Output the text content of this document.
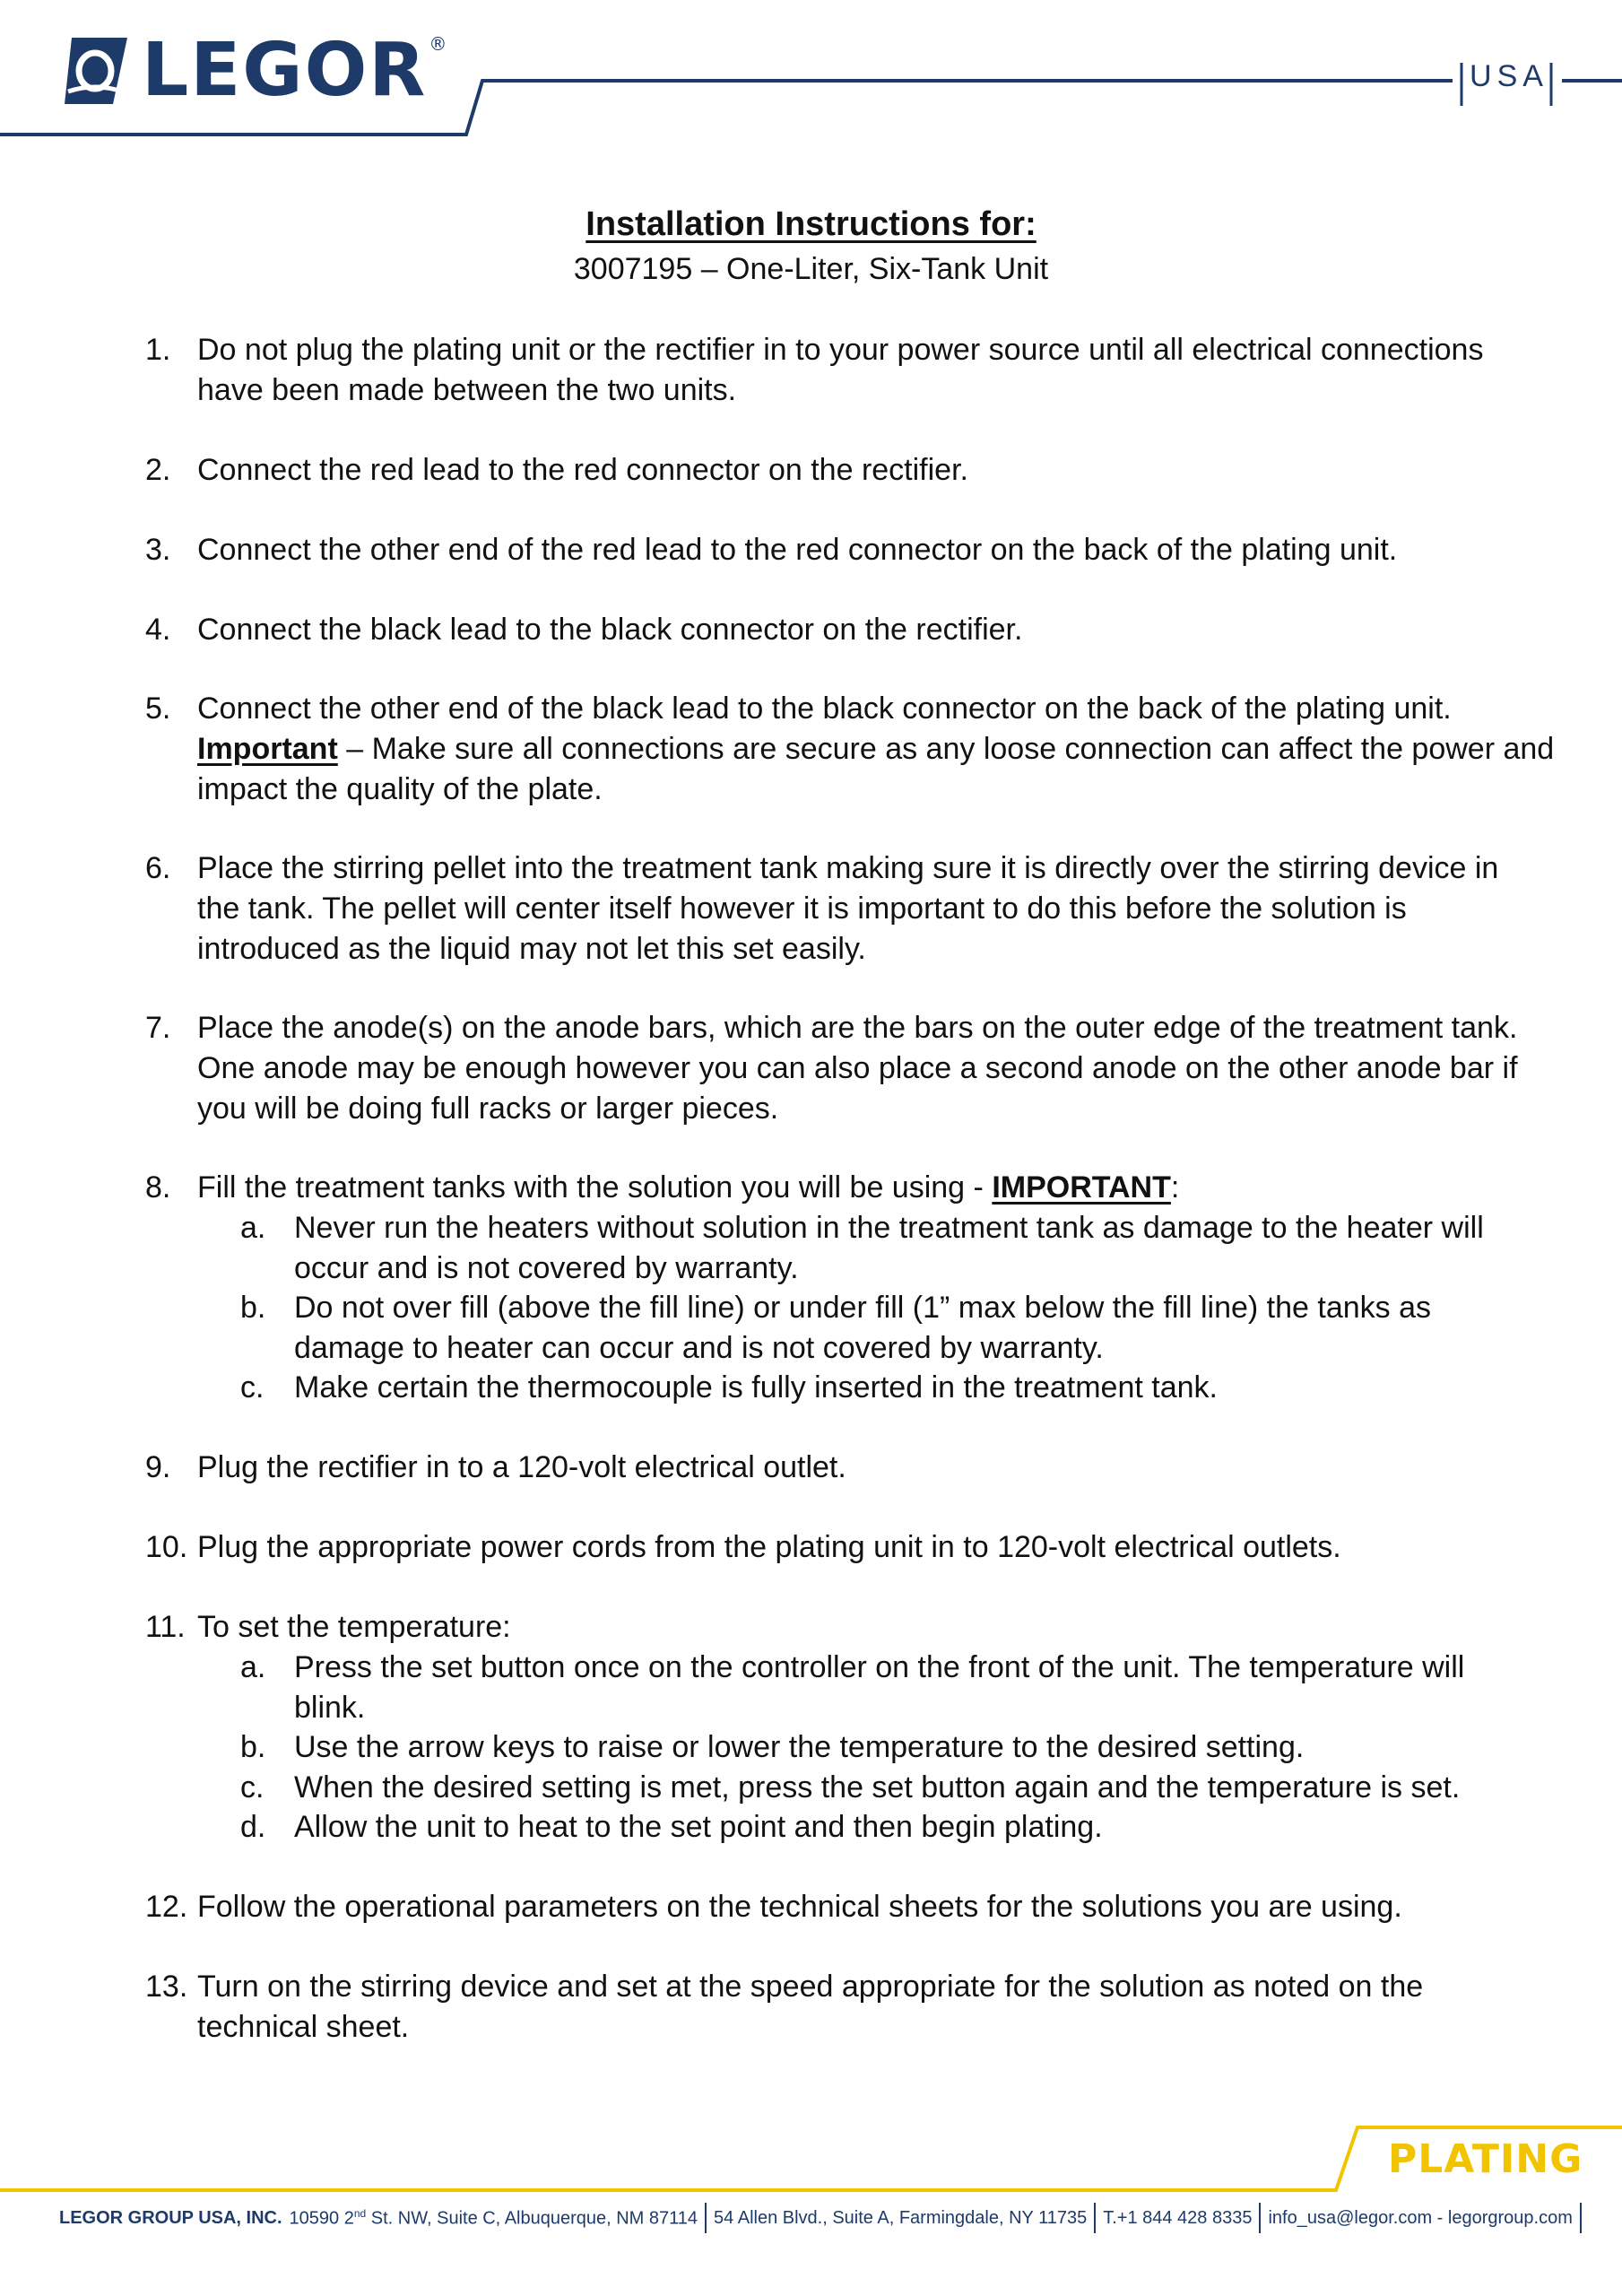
LEGOR ®
USA
Installation Instructions for:
3007195 – One-Liter, Six-Tank Unit
1. Do not plug the plating unit or the rectifier in to your power source until all electrical connections
have been made between the two units.
2. Connect the red lead to the red connector on the rectifier.
3. Connect the other end of the red lead to the red connector on the back of the plating unit.
4. Connect the black lead to the black connector on the rectifier.
5. Connect the other end of the black lead to the black connector on the back of the plating unit.
Important – Make sure all connections are secure as any loose connection can affect the power and
impact the quality of the plate.
6. Place the stirring pellet into the treatment tank making sure it is directly over the stirring device in
the tank. The pellet will center itself however it is important to do this before the solution is
introduced as the liquid may not let this set easily.
7. Place the anode(s) on the anode bars, which are the bars on the outer edge of the treatment tank.
One anode may be enough however you can also place a second anode on the other anode bar if
you will be doing full racks or larger pieces.
8. Fill the treatment tanks with the solution you will be using - IMPORTANT:
a. Never run the heaters without solution in the treatment tank as damage to the heater will
occur and is not covered by warranty.
b. Do not over fill (above the fill line) or under fill (1” max below the fill line) the tanks as
damage to heater can occur and is not covered by warranty.
c. Make certain the thermocouple is fully inserted in the treatment tank.
9. Plug the rectifier in to a 120-volt electrical outlet.
10. Plug the appropriate power cords from the plating unit in to 120-volt electrical outlets.
11. To set the temperature:
a. Press the set button once on the controller on the front of the unit. The temperature will
blink.
b. Use the arrow keys to raise or lower the temperature to the desired setting.
c. When the desired setting is met, press the set button again and the temperature is set.
d. Allow the unit to heat to the set point and then begin plating.
12. Follow the operational parameters on the technical sheets for the solutions you are using.
13. Turn on the stirring device and set at the speed appropriate for the solution as noted on the
technical sheet.
PLATING
LEGOR GROUP USA, INC. 10590 2nd St. NW, Suite C, Albuquerque, NM 87114 54 Allen Blvd., Suite A, Farmingdale, NY 11735 T.+1 844 428 8335 info_usa@legor.com - legorgroup.com
